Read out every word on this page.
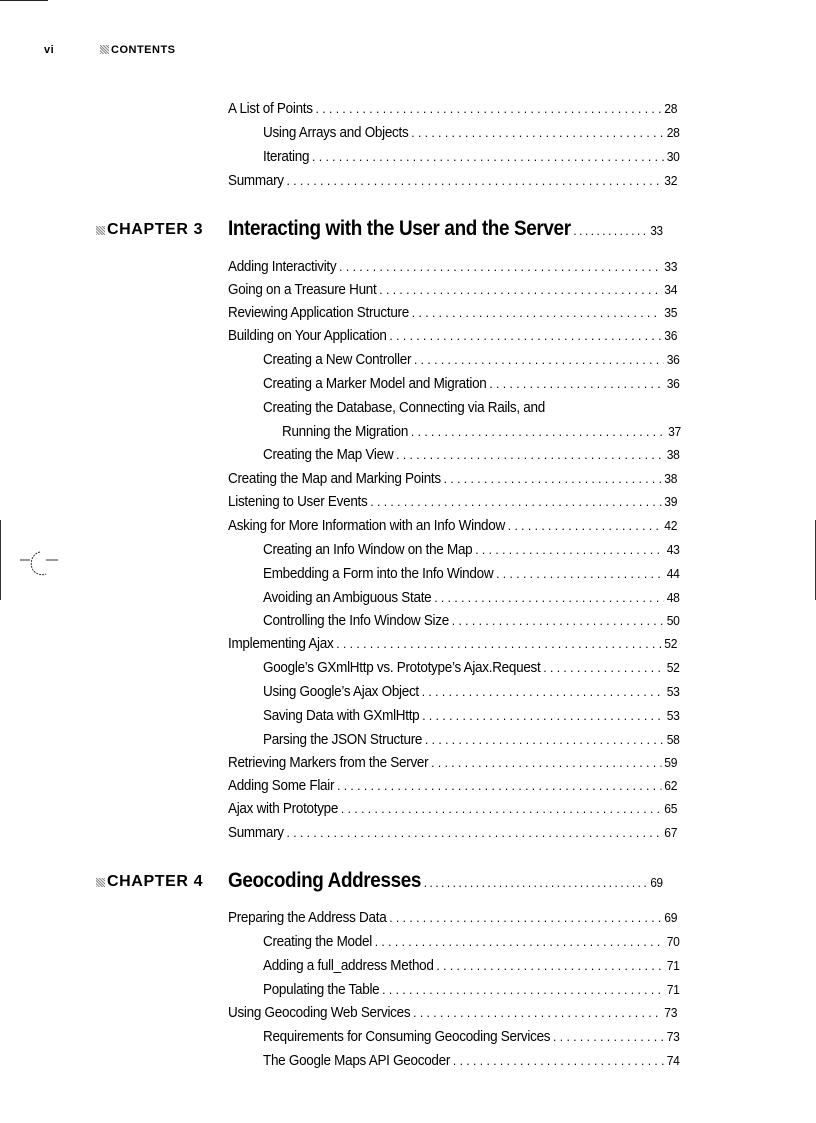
vi	CONTENTS
A List of Points . . .	28
Using Arrays and Objects . . .	28
Iterating . . .	30
Summary . . .	32
CHAPTER 3 Interacting with the User and the Server . . .	33
Adding Interactivity . . .	33
Going on a Treasure Hunt . . .	34
Reviewing Application Structure . . .	35
Building on Your Application . . .	36
Creating a New Controller . . .	36
Creating a Marker Model and Migration . . .	36
Creating the Database, Connecting via Rails, and
Running the Migration . . .	37
Creating the Map View . . .	38
Creating the Map and Marking Points . . .	38
Listening to User Events . . .	39
Asking for More Information with an Info Window . . .	42
Creating an Info Window on the Map . . .	43
Embedding a Form into the Info Window . . .	44
Avoiding an Ambiguous State . . .	48
Controlling the Info Window Size . . .	50
Implementing Ajax . . .	52
Google’s GXmlHttp vs. Prototype’s Ajax.Request . . .	52
Using Google’s Ajax Object . . .	53
Saving Data with GXmlHttp . . .	53
Parsing the JSON Structure . . .	58
Retrieving Markers from the Server . . .	59
Adding Some Flair . . .	62
Ajax with Prototype . . .	65
Summary . . .	67
CHAPTER 4 Geocoding Addresses . . .	69
Preparing the Address Data . . .	69
Creating the Model . . .	70
Adding a full_address Method . . .	71
Populating the Table . . .	71
Using Geocoding Web Services . . .	73
Requirements for Consuming Geocoding Services . . .	73
The Google Maps API Geocoder . . .	74
